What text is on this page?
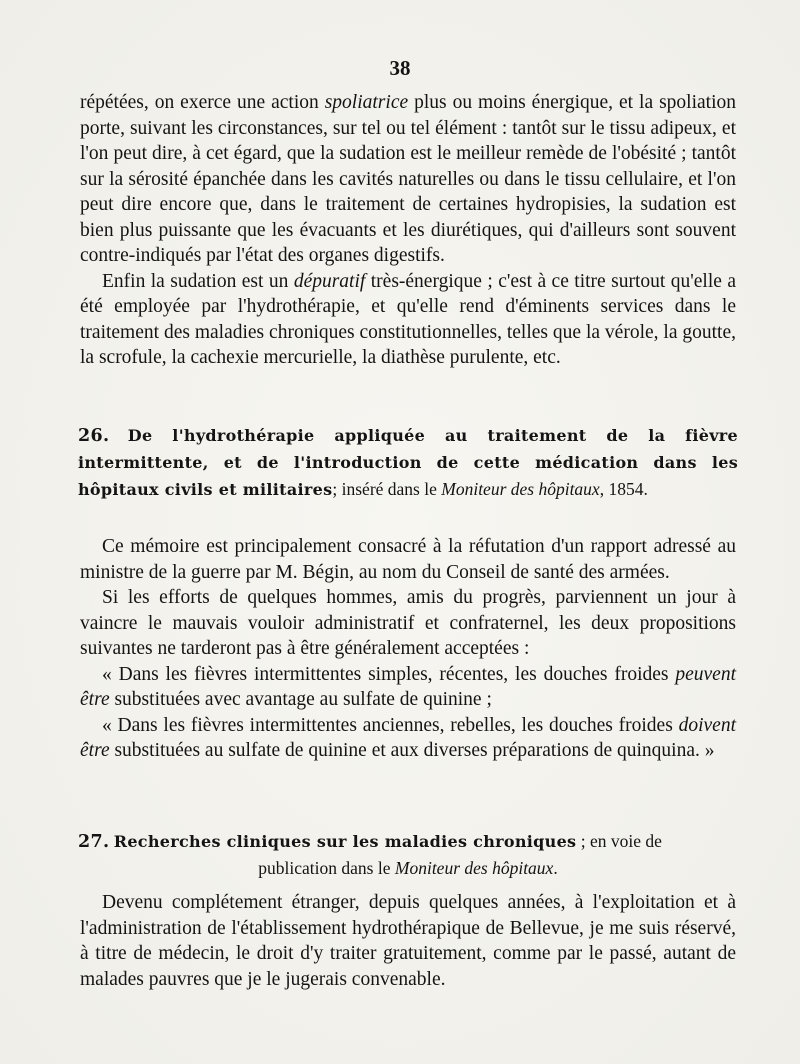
38

répétées, on exerce une action spoliatrice plus ou moins énergique, et la spoliation porte, suivant les circonstances, sur tel ou tel élément : tantôt sur le tissu adipeux, et l'on peut dire, à cet égard, que la sudation est le meilleur remède de l'obésité ; tantôt sur la sérosité épanchée dans les cavités naturelles ou dans le tissu cellulaire, et l'on peut dire encore que, dans le traitement de certaines hydropisies, la sudation est bien plus puissante que les évacuants et les diurétiques, qui d'ailleurs sont souvent contre-indiqués par l'état des organes digestifs.

Enfin la sudation est un dépuratif très-énergique ; c'est à ce titre surtout qu'elle a été employée par l'hydrothérapie, et qu'elle rend d'éminents services dans le traitement des maladies chroniques constitutionnelles, telles que la vérole, la goutte, la scrofule, la cachexie mercurielle, la diathèse purulente, etc.

26. De l'hydrothérapie appliquée au traitement de la fièvre intermittente, et de l'introduction de cette médication dans les hôpitaux civils et militaires; inséré dans le Moniteur des hôpitaux, 1854.

Ce mémoire est principalement consacré à la réfutation d'un rapport adressé au ministre de la guerre par M. Bégin, au nom du Conseil de santé des armées.

Si les efforts de quelques hommes, amis du progrès, parviennent un jour à vaincre le mauvais vouloir administratif et confraternel, les deux propositions suivantes ne tarderont pas à être généralement acceptées :

« Dans les fièvres intermittentes simples, récentes, les douches froides peuvent être substituées avec avantage au sulfate de quinine ;

« Dans les fièvres intermittentes anciennes, rebelles, les douches froides doivent être substituées au sulfate de quinine et aux diverses préparations de quinquina. »

27. Recherches cliniques sur les maladies chroniques ; en voie de
publication dans le Moniteur des hôpitaux.

Devenu complétement étranger, depuis quelques années, à l'exploitation et à l'administration de l'établissement hydrothérapique de Bellevue, je me suis réservé, à titre de médecin, le droit d'y traiter gratuitement, comme par le passé, autant de malades pauvres que je le jugerais convenable.
